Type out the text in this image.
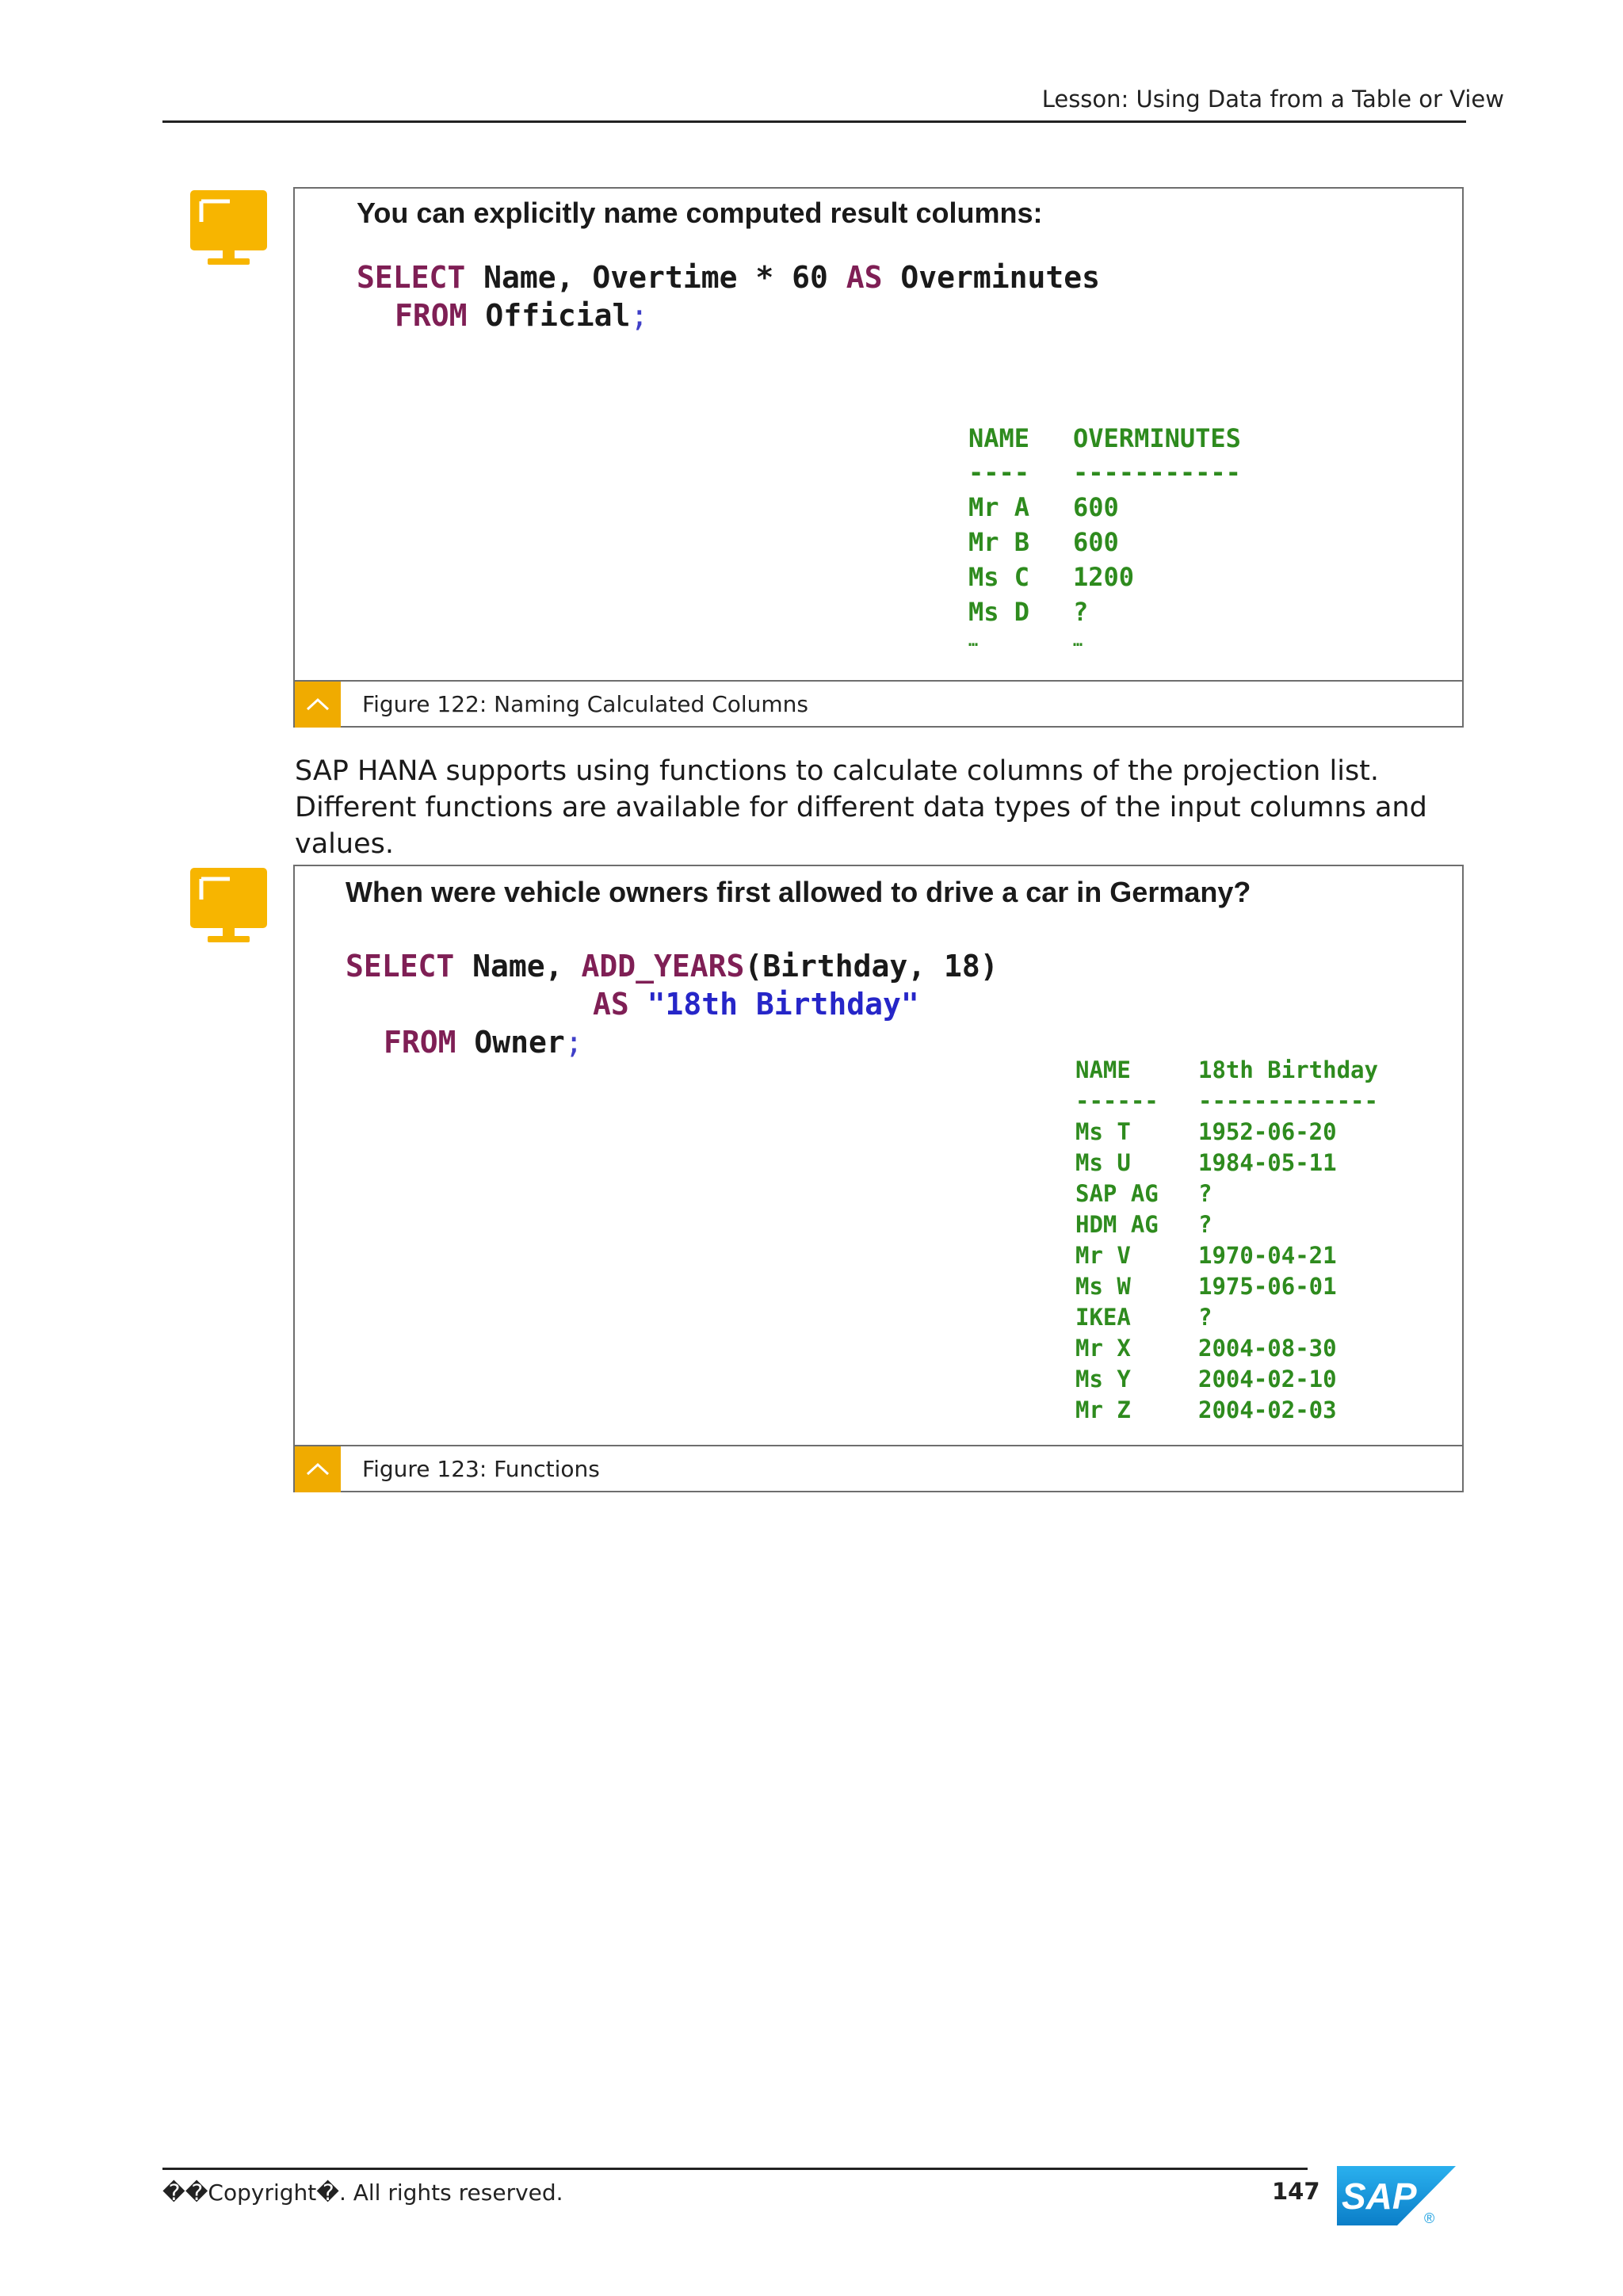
Lesson: Using Data from a Table or View
You can explicitly name computed result columns:
SELECT Name, Overtime * 60 AS Overminutes
FROM Official;
NAME OVERMINUTES
---- -----------
Mr A 600
Mr B 600
Ms C 1200
Ms D ?
…	…
Figure 122: Naming Calculated Columns
SAP HANA supports using functions to calculate columns of the projection list. Different functions are available for different data types of the input columns and values.
When were vehicle owners first allowed to drive a car in Germany?
SELECT Name, ADD_YEARS(Birthday, 18)
AS "18th Birthday"
FROM Owner;
NAME	18th Birthday
------ -------------
Ms T	1952-06-20
Ms U	1984-05-11
SAP AG ?
HDM AG ?
Mr V	1970-04-21
Ms W	1975-06-01
IKEA	?
Mr X	2004-08-30
Ms Y	2004-02-10
Mr Z	2004-02-03
Figure 123: Functions
��Copyright�. All rights reserved.	147 SAP
®
